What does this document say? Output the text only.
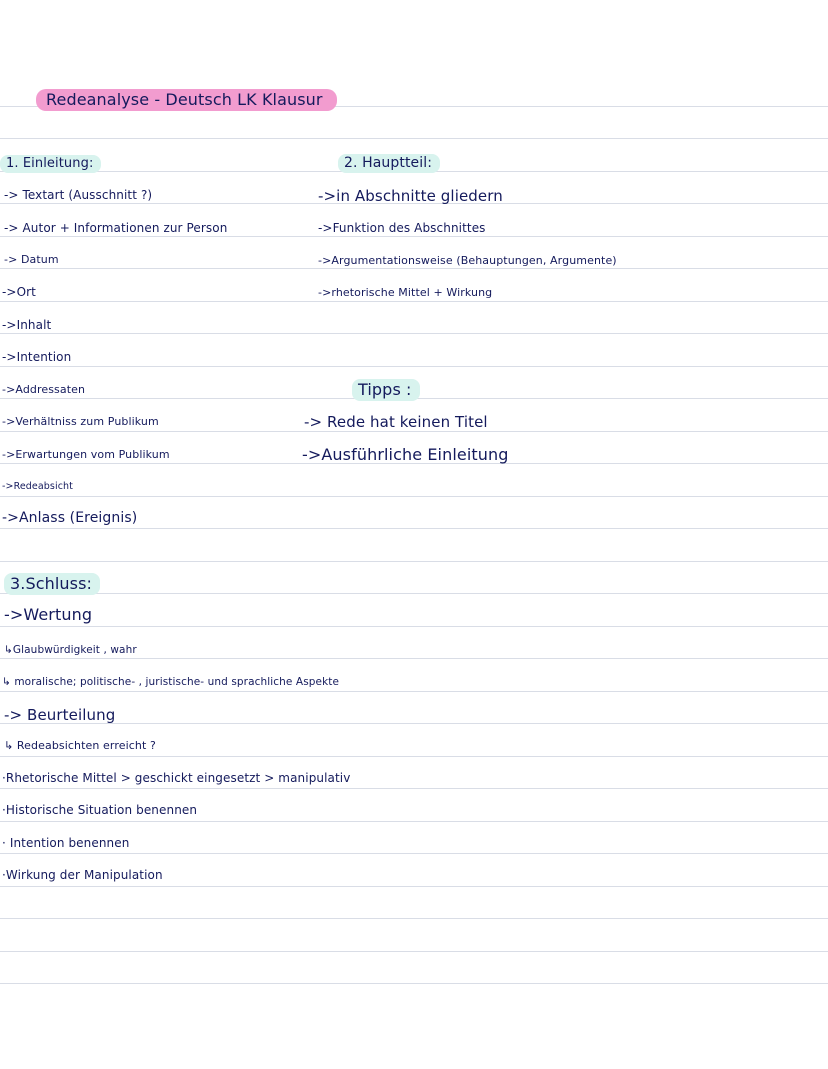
Redeanalyse - Deutsch LK Klausur
1. Einleitung:
-> Textart (Ausschnitt ?)
-> Autor + Informationen zur Person
-> Datum
->Ort
->Inhalt
->Intention
->Addressaten
->Verhältniss zum Publikum
->Erwartungen vom Publikum
->Redeabsicht
->Anlass (Ereignis)
2. Hauptteil:
->in Abschnitte gliedern
->Funktion des Abschnittes
->Argumentationsweise (Behauptungen, Argumente)
->rhetorische Mittel + Wirkung
Tipps :
-> Rede hat keinen Titel
->Ausführliche Einleitung
3.Schluss:
->Wertung
↳Glaubwürdigkeit , wahr
↳ moralische; politische- , juristische- und sprachliche Aspekte
-> Beurteilung
↳ Redeabsichten erreicht ?
·Rhetorische Mittel > geschickt eingesetzt > manipulativ
·Historische Situation benennen
· Intention benennen
·Wirkung der Manipulation
